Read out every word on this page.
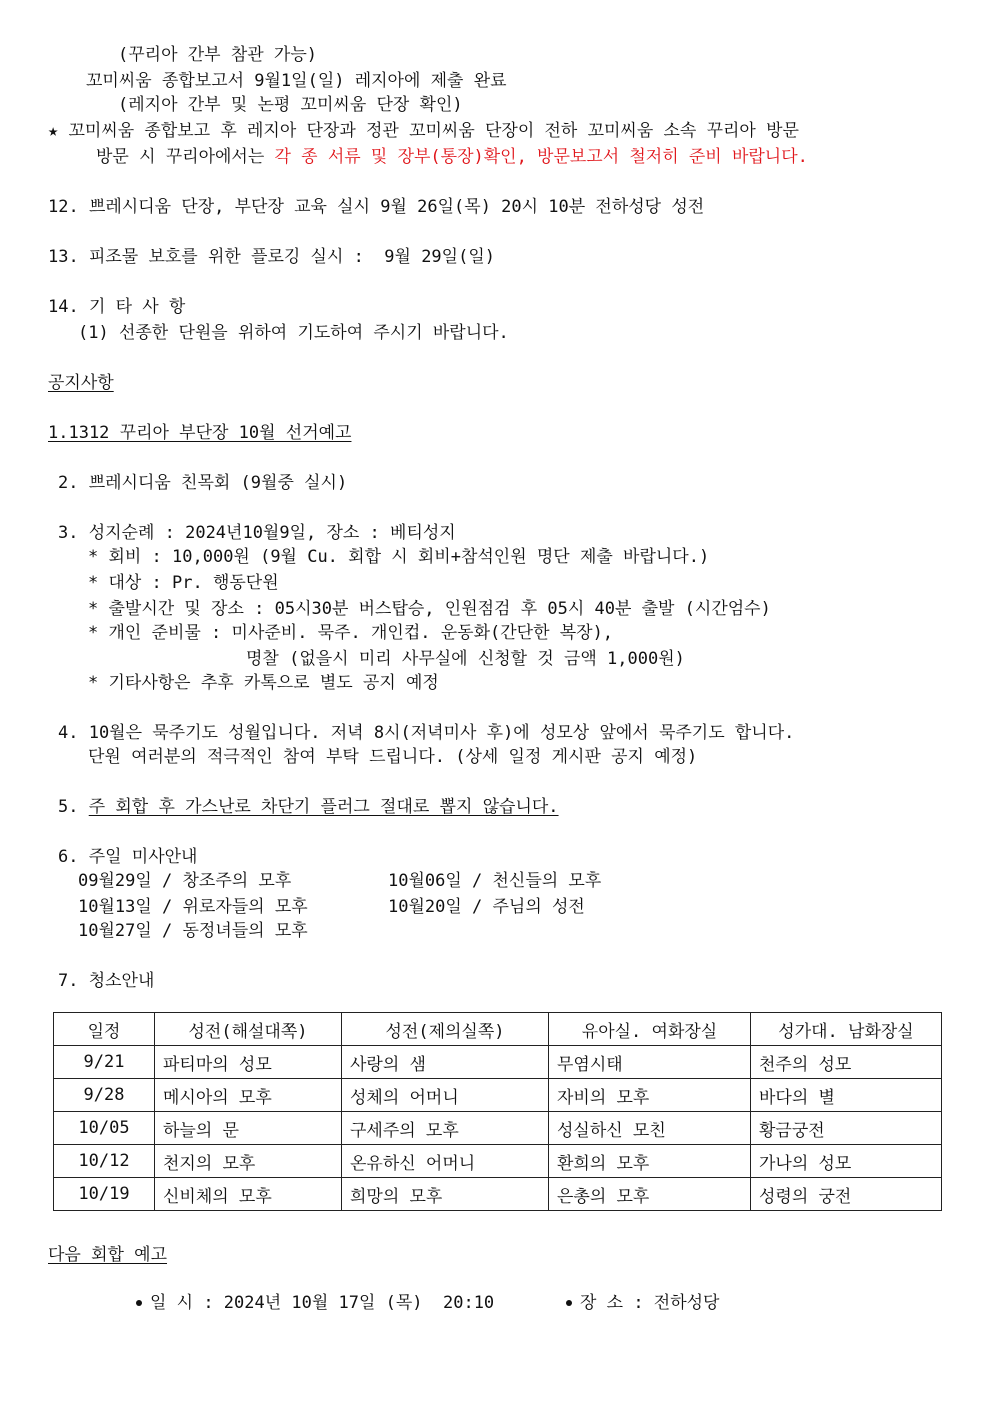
(꾸리아 간부 참관 가능)
꼬미씨움 종합보고서 9월1일(일) 레지아에 제출 완료
(레지아 간부 및 논평 꼬미씨움 단장 확인)
★ 꼬미씨움 종합보고 후 레지아 단장과 정관 꼬미씨움 단장이 전하 꼬미씨움 소속 꾸리아 방문
방문 시 꾸리아에서는 각 종 서류 및 장부(통장)확인, 방문보고서 철저히 준비 바랍니다.
12. 쁘레시디움 단장, 부단장 교육 실시 9월 26일(목) 20시 10분 전하성당 성전
13. 피조물 보호를 위한 플로깅 실시 :  9월 29일(일)
14. 기 타 사 항
(1) 선종한 단원을 위하여 기도하여 주시기 바랍니다.
공지사항
1.1312 꾸리아 부단장 10월 선거예고
2. 쁘레시디움 친목회 (9월중 실시)
3. 성지순례 : 2024년10월9일, 장소 : 베티성지
* 회비 : 10,000원 (9월 Cu. 회합 시 회비+참석인원 명단 제출 바랍니다.)
* 대상 : Pr. 행동단원
* 출발시간 및 장소 : 05시30분 버스탑승, 인원점검 후 05시 40분 출발 (시간엄수)
* 개인 준비물 : 미사준비. 묵주. 개인컵. 운동화(간단한 복장),
명찰 (없을시 미리 사무실에 신청할 것 금액 1,000원)
* 기타사항은 추후 카톡으로 별도 공지 예정
4. 10월은 묵주기도 성월입니다. 저녁 8시(저녁미사 후)에 성모상 앞에서 묵주기도 합니다.
단원 여러분의 적극적인 참여 부탁 드립니다. (상세 일정 게시판 공지 예정)
5. 주 회합 후 가스난로 차단기 플러그 절대로 뽑지 않습니다.
6. 주일 미사안내
09월29일 / 창조주의 모후	10월06일 / 천신들의 모후
10월13일 / 위로자들의 모후	10월20일 / 주님의 성전
10월27일 / 동정녀들의 모후
7. 청소안내
일정	성전(해설대쪽)	성전(제의실쪽)	유아실. 여화장실	성가대. 남화장실
9/21	파티마의 성모	사랑의 샘	무염시태	천주의 성모
9/28	메시아의 모후	성체의 어머니	자비의 모후	바다의 별
10/05	하늘의 문	구세주의 모후	성실하신 모친	황금궁전
10/12	천지의 모후	온유하신 어머니	환희의 모후	가나의 성모
10/19	신비체의 모후	희망의 모후	은총의 모후	성령의 궁전
다음 회합 예고
일 시 : 2024년 10월 17일 (목)  20:10	장 소 : 전하성당
